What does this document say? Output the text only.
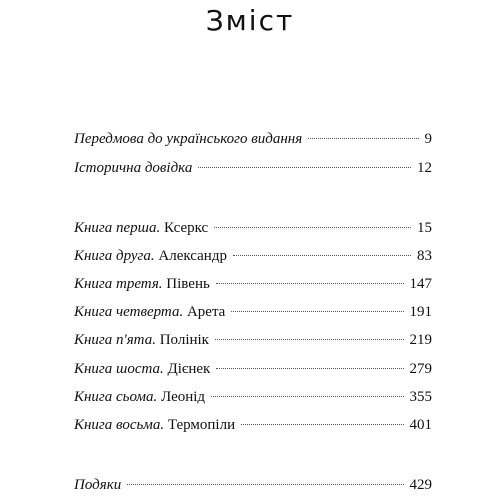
Зміст
Передмова до українського видання	9
Історична довідка	12
Книга перша. Ксеркс	15
Книга друга. Александр	83
Книга третя. Півень	147
Книга четверта. Арета	191
Книга п'ята. Полінік	219
Книга шоста. Дієнек	279
Книга сьома. Леонід	355
Книга восьма. Термопіли	401
Подяки	429
